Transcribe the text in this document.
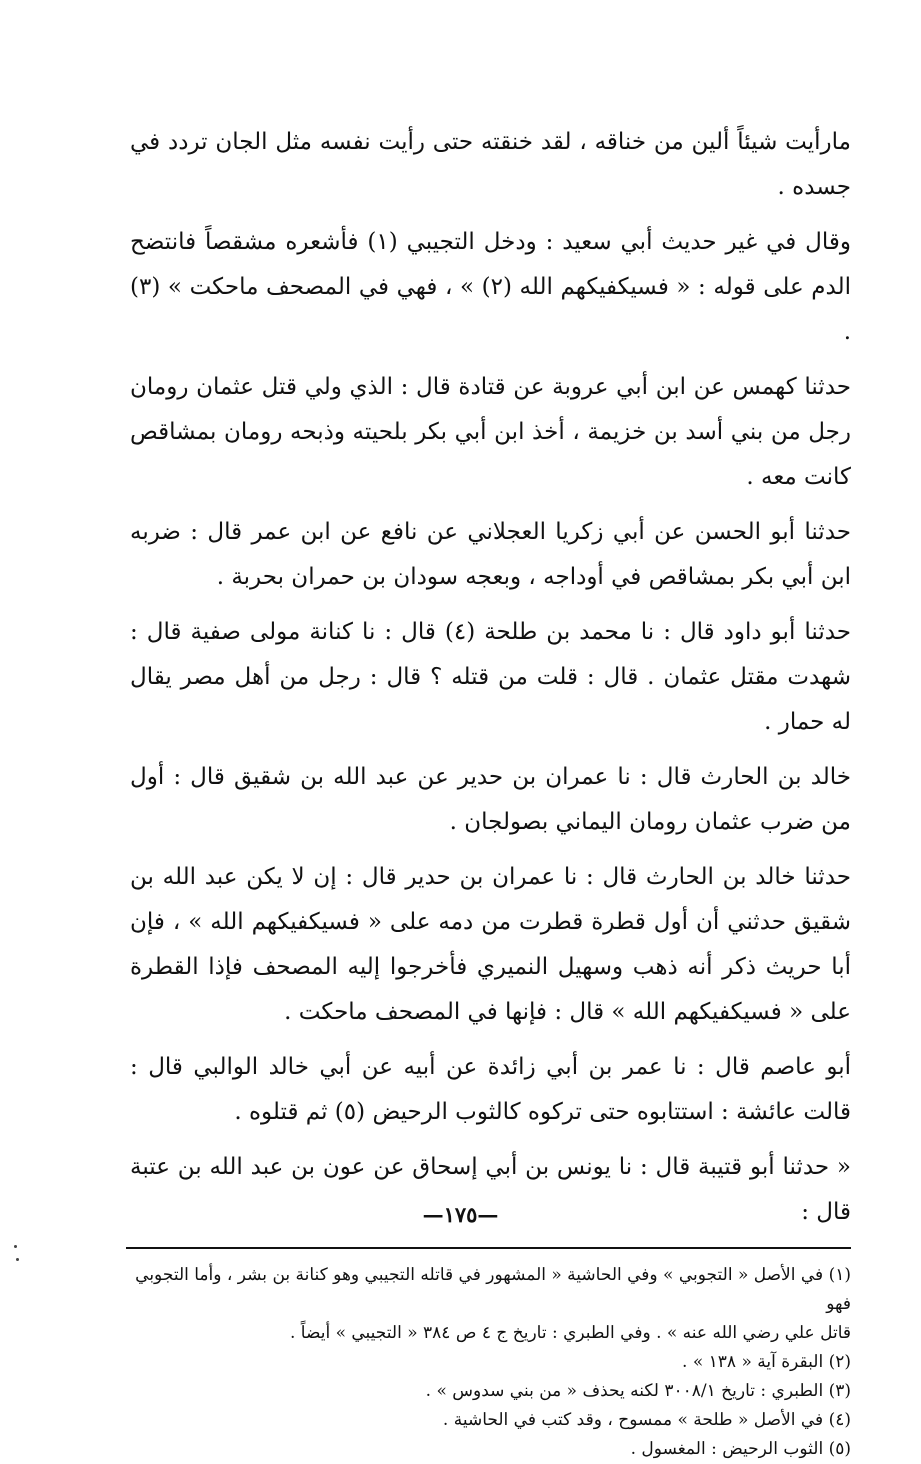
مارأيت شيئاً ألين من خناقه ، لقد خنقته حتى رأيت نفسه مثل الجان تردد في جسده .

وقال في غير حديث أبي سعيد : ودخل التجيبي (١) فأشعره مشقصاً فانتضح الدم على قوله : « فسيكفيكهم الله (٢) » ، فهي في المصحف ماحكت » (٣) .

حدثنا كهمس عن ابن أبي عروبة عن قتادة قال : الذي ولي قتل عثمان رومان رجل من بني أسد بن خزيمة ، أخذ ابن أبي بكر بلحيته وذبحه رومان بمشاقص كانت معه .

حدثنا أبو الحسن عن أبي زكريا العجلاني عن نافع عن ابن عمر قال : ضربه ابن أبي بكر بمشاقص في أوداجه ، وبعجه سودان بن حمران بحربة .

حدثنا أبو داود قال : نا محمد بن طلحة (٤) قال : نا كنانة مولى صفية قال : شهدت مقتل عثمان . قال : قلت من قتله ؟ قال : رجل من أهل مصر يقال له حمار .

خالد بن الحارث قال : نا عمران بن حدير عن عبد الله بن شقيق قال : أول من ضرب عثمان رومان اليماني بصولجان .

حدثنا خالد بن الحارث قال : نا عمران بن حدير قال : إن لا يكن عبد الله بن شقيق حدثني أن أول قطرة قطرت من دمه على « فسيكفيكهم الله » ، فإن أبا حريث ذكر أنه ذهب وسهيل النميري فأخرجوا إليه المصحف فإذا القطرة على « فسيكفيكهم الله » قال : فإنها في المصحف ماحكت .

أبو عاصم قال : نا عمر بن أبي زائدة عن أبيه عن أبي خالد الوالبي قال : قالت عائشة : استتابوه حتى تركوه كالثوب الرحيض (٥) ثم قتلوه .

« حدثنا أبو قتيبة قال : نا يونس بن أبي إسحاق عن عون بن عبد الله بن عتبة قال :

(١) في الأصل « التجوبي » وفي الحاشية « المشهور في قاتله التجيبي وهو كنانة بن بشر ، وأما التجوبي فهو

قاتل علي رضي الله عنه » . وفي الطبري : تاريخ ج ٤ ص ٣٨٤ « التجيبي » أيضاً .

(٢) البقرة آية « ١٣٨ » .

(٣) الطبري : تاريخ ٣٠٠٨/١ لكنه يحذف « من بني سدوس » .

(٤) في الأصل « طلحة » ممسوح ، وقد كتب في الحاشية .

(٥) الثوب الرحيض : المغسول .

—١٧٥—
